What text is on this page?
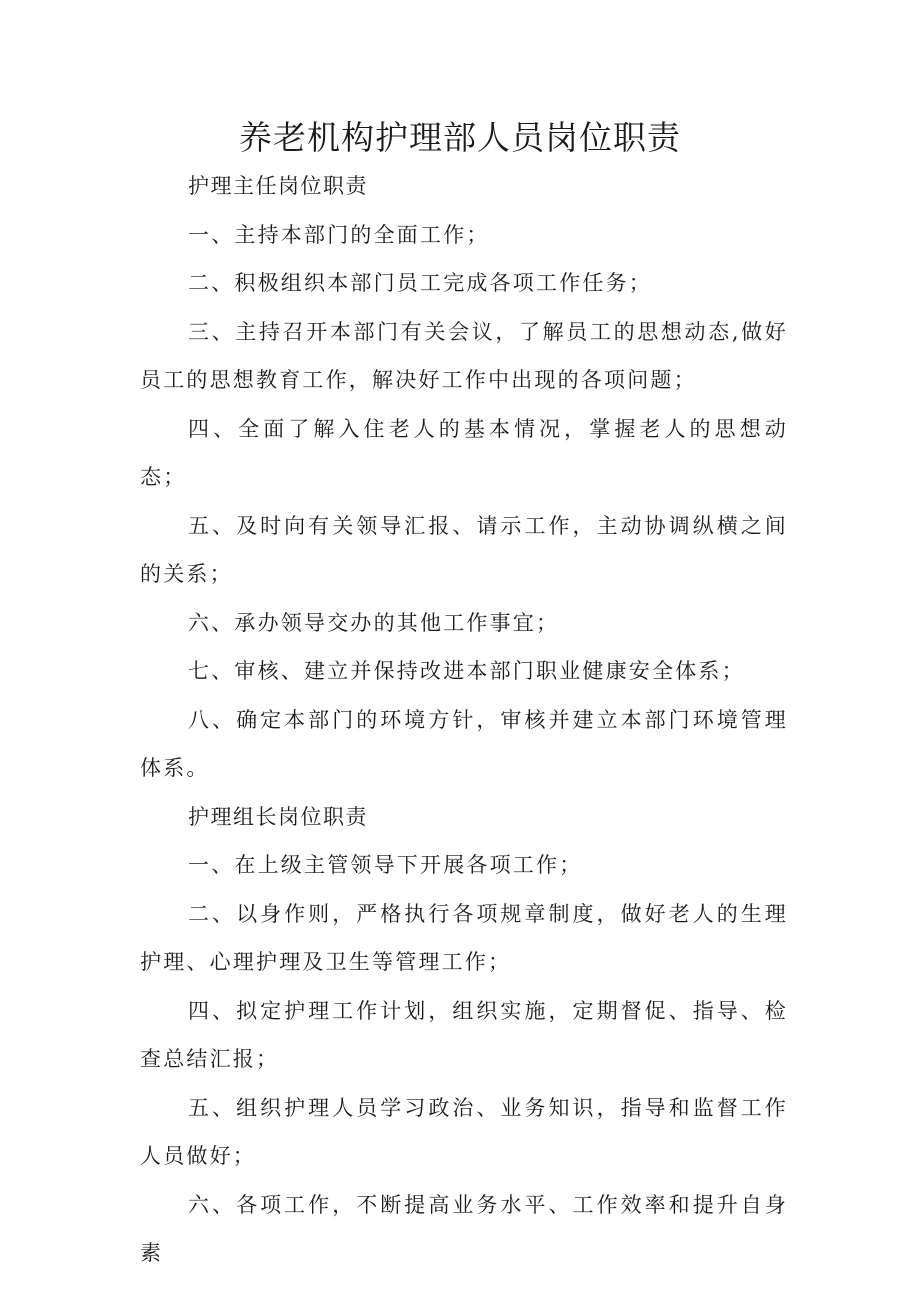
养老机构护理部人员岗位职责

护理主任岗位职责

一、主持本部门的全面工作；

二、积极组织本部门员工完成各项工作任务；

三、主持召开本部门有关会议，了解员工的思想动态,做好员工的思想教育工作，解决好工作中出现的各项问题；

四、全面了解入住老人的基本情况，掌握老人的思想动态；

五、及时向有关领导汇报、请示工作，主动协调纵横之间的关系；

六、承办领导交办的其他工作事宜；

七、审核、建立并保持改进本部门职业健康安全体系；

八、确定本部门的环境方针，审核并建立本部门环境管理体系。

护理组长岗位职责

一、在上级主管领导下开展各项工作；

二、以身作则，严格执行各项规章制度，做好老人的生理护理、心理护理及卫生等管理工作；

四、拟定护理工作计划，组织实施，定期督促、指导、检查总结汇报；

五、组织护理人员学习政治、业务知识，指导和监督工作人员做好；

六、各项工作，不断提高业务水平、工作效率和提升自身素
